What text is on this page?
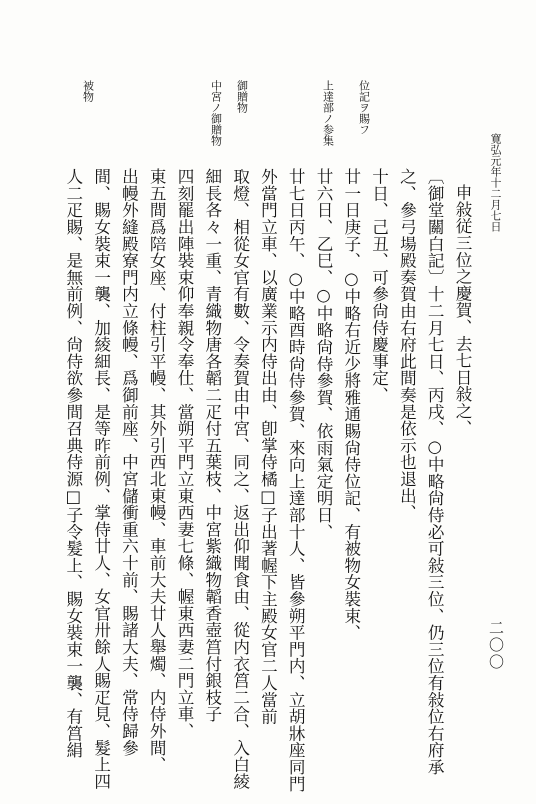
寛弘元年十二月七日
二〇〇
位記ヲ賜フ
上達部ノ参集
御贈物
中宮ノ御贈物
被物
申敍従三位之慶賀、去七日敍之、
〔御堂關白記〕十二月七日、丙戌、○中略尙侍必可敍三位、仍三位有敍位右府承
之、參弓場殿奏賀由右府此間奏是依示也退出、
十日、己丑、可參尙侍慶事定、
廿一日庚子、○中略右近少將雅通賜尙侍位記、有被物女裝束、
廿六日、乙巳、○中略尙侍參賀、依雨氣定明日、
廿七日丙午、○中略酉時尙侍參賀、來向上達部十人、皆參朔平門内、立胡牀座同門
外當門立車、以廣業示内侍出由、卽掌侍橘□子出著幄下主殿女官二人當前
取燈、相從女官有數、令奏賀由中宮、同之、返出仰聞食由、從内衣筥二合、入白綾
細長各々一重、青織物唐各韜二疋付五葉枝、中宮紫織物韜香壺筥付銀枝子
四刻罷出陣裝束仰奉親令奉仕、當朔平門立東西妻七條、幄東西妻二門立車、
東五間爲陪女座、付柱引平幔、其外引西北東幔、車前大夫廿人舉燭、内侍外間、
出幔外縫殿寮門内立條幔、爲御前座、中宮儲衝重六十前、賜諸大夫、常侍歸參
間、賜女裝束一襲、加綾細長、是等昨前例、掌侍廿人、女官卅餘人賜疋見、髮上四
人二疋賜、是無前例、尙侍欲參間召典侍源□子令髮上、賜女裝束一襲、有筥絹
